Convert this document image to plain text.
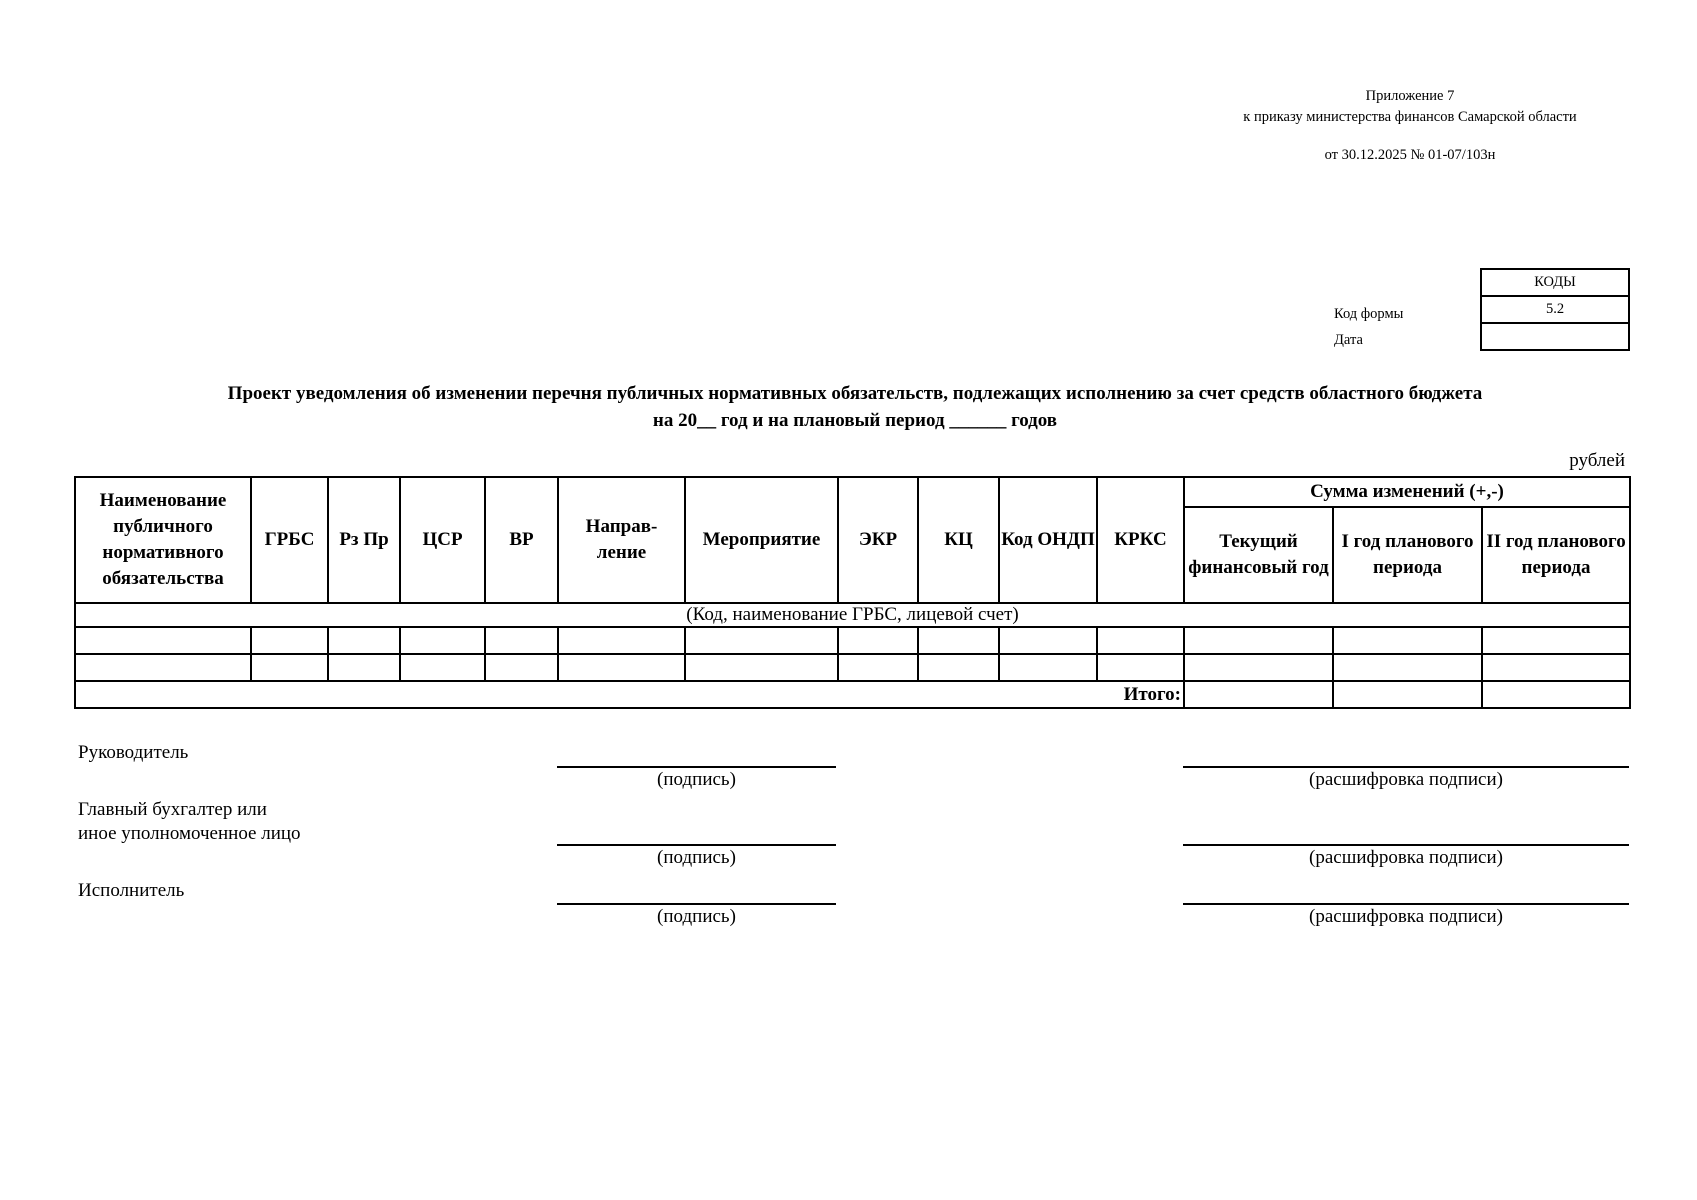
Приложение 7
к приказу министерства финансов Самарской области
от 30.12.2025 № 01-07/103н
Код формы
Дата
КОДЫ
5.2

Проект уведомления об изменении перечня публичных нормативных обязательств, подлежащих исполнению за счет средств областного бюджета
на 20__ год и на плановый период ______ годов
рублей
Наименование публичного нормативного обязательства	ГРБС	Рз Пр	ЦСР	ВР	Направ- ление	Мероприятие	ЭКР	КЦ	Код ОНДП	КРКС	Сумма изменений (+,-)		
											Текущий финансовый год	I год планового периода	II год планового периода
(Код, наименование ГРБС, лицевой счет)													

Итого:													
Руководитель
(подпись)	(расшифровка подписи)
Главный бухгалтер или
иное уполномоченное лицо
(подпись)	(расшифровка подписи)
Исполнитель
(подпись)	(расшифровка подписи)
